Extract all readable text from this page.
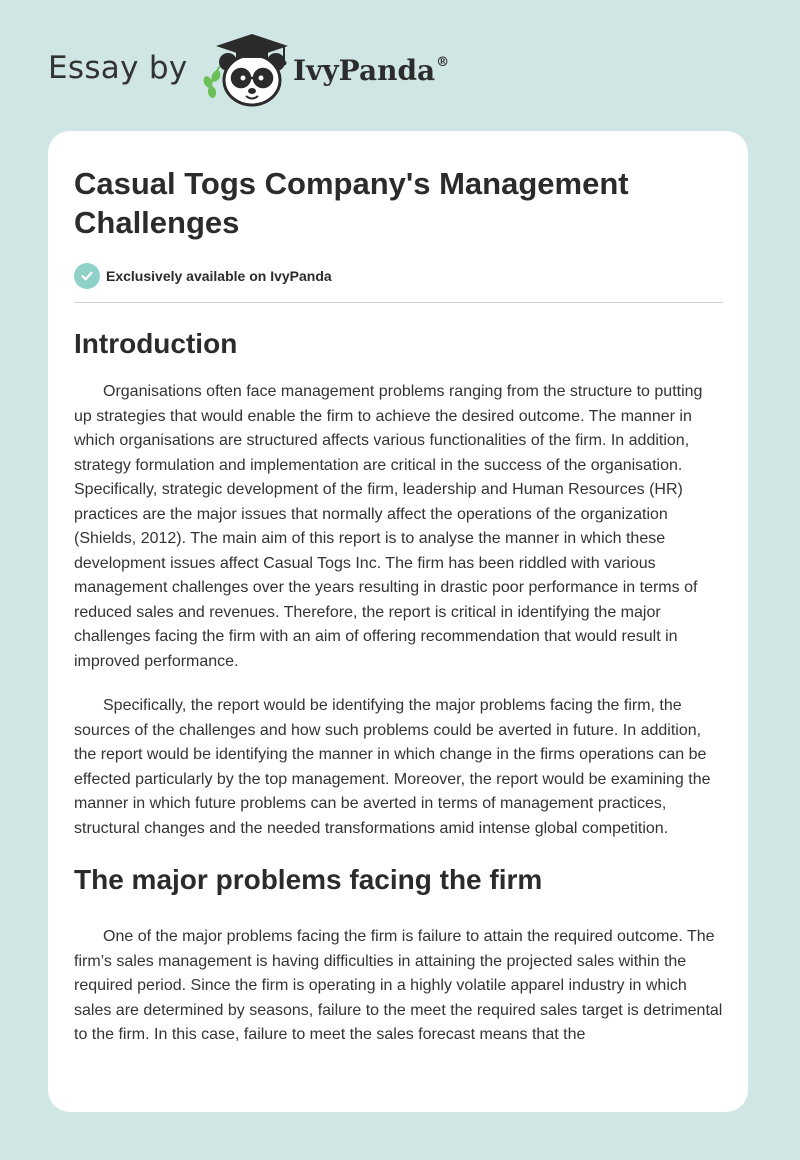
Essay by	IvyPanda®
Casual Togs Company's Management Challenges
Exclusively available on IvyPanda
Introduction

Organisations often face management problems ranging from the structure to putting up strategies that would enable the firm to achieve the desired outcome. The manner in which organisations are structured affects various functionalities of the firm. In addition, strategy formulation and implementation are critical in the success of the organisation. Specifically, strategic development of the firm, leadership and Human Resources (HR) practices are the major issues that normally affect the operations of the organization (Shields, 2012). The main aim of this report is to analyse the manner in which these development issues affect Casual Togs Inc. The firm has been riddled with various management challenges over the years resulting in drastic poor performance in terms of reduced sales and revenues. Therefore, the report is critical in identifying the major challenges facing the firm with an aim of offering recommendation that would result in improved performance.

Specifically, the report would be identifying the major problems facing the firm, the sources of the challenges and how such problems could be averted in future. In addition, the report would be identifying the manner in which change in the firms operations can be effected particularly by the top management. Moreover, the report would be examining the manner in which future problems can be averted in terms of management practices, structural changes and the needed transformations amid intense global competition.

The major problems facing the firm

One of the major problems facing the firm is failure to attain the required outcome. The firm’s sales management is having difficulties in attaining the projected sales within the required period. Since the firm is operating in a highly volatile apparel industry in which sales are determined by seasons, failure to the meet the required sales target is detrimental to the firm. In this case, failure to meet the sales forecast means that the
